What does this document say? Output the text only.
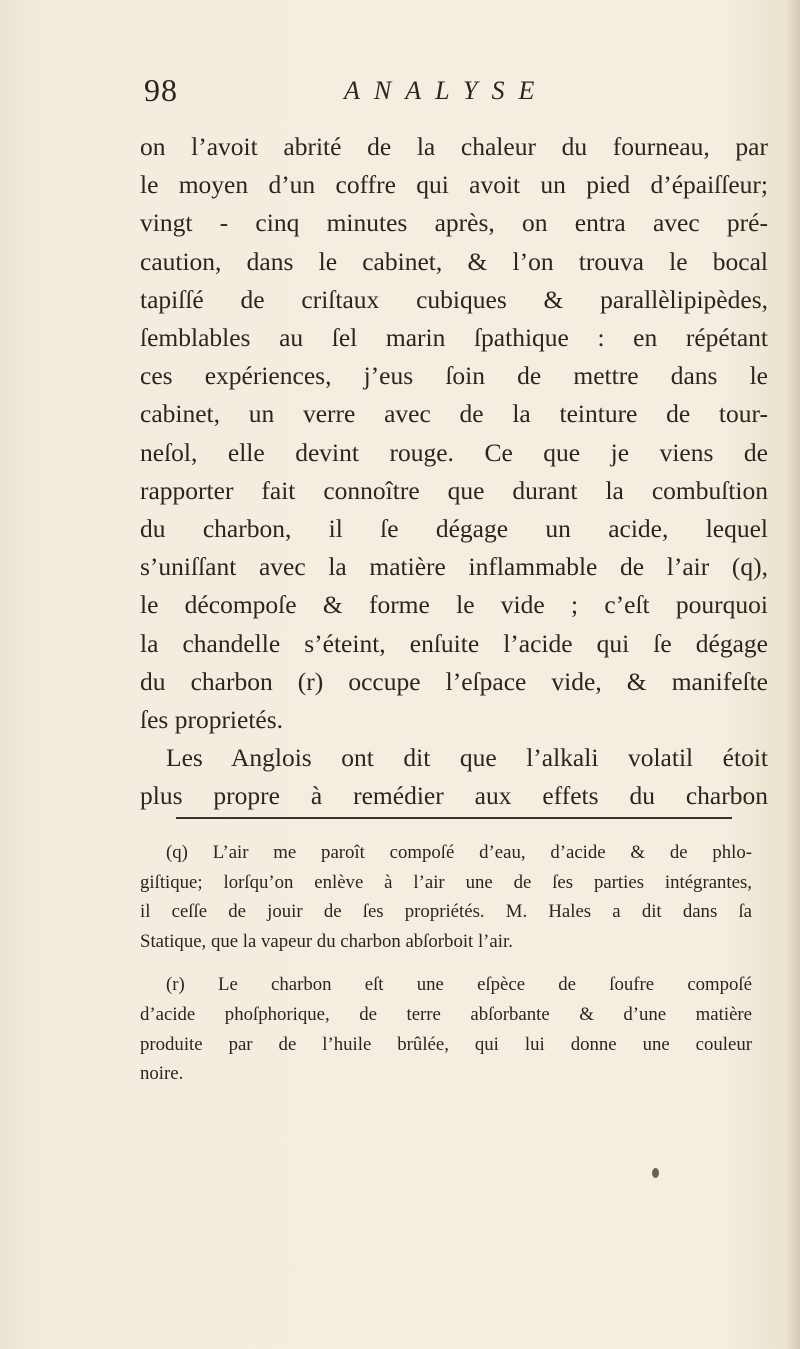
98	ANALYSE
on l’avoit abrité de la chaleur du fourneau, par
le moyen d’un coffre qui avoit un pied d’épaiſſeur;
vingt - cinq minutes après, on entra avec pré-
caution, dans le cabinet, & l’on trouva le bocal
tapiſſé de criſtaux cubiques & parallèlipipèdes,
ſemblables au ſel marin ſpathique : en répétant
ces expériences, j’eus ſoin de mettre dans le
cabinet, un verre avec de la teinture de tour-
neſol, elle devint rouge. Ce que je viens de
rapporter fait connoître que durant la combuſtion
du charbon, il ſe dégage un acide, lequel
s’uniſſant avec la matière inflammable de l’air (q),
le décompoſe & forme le vide ; c’eſt pourquoi
la chandelle s’éteint, enſuite l’acide qui ſe dégage
du charbon (r) occupe l’eſpace vide, & manifeſte
ſes proprietés.
Les Anglois ont dit que l’alkali volatil étoit
plus propre à remédier aux effets du charbon
(q) L’air me paroît compoſé d’eau, d’acide & de phlo-
giſtique; lorſqu’on enlève à l’air une de ſes parties intégrantes,
il ceſſe de jouir de ſes propriétés. M. Hales a dit dans ſa
Statique, que la vapeur du charbon abſorboit l’air.
(r) Le charbon eſt une eſpèce de ſoufre compoſé
d’acide phoſphorique, de terre abſorbante & d’une matière
produite par de l’huile brûlée, qui lui donne une couleur
noire.
